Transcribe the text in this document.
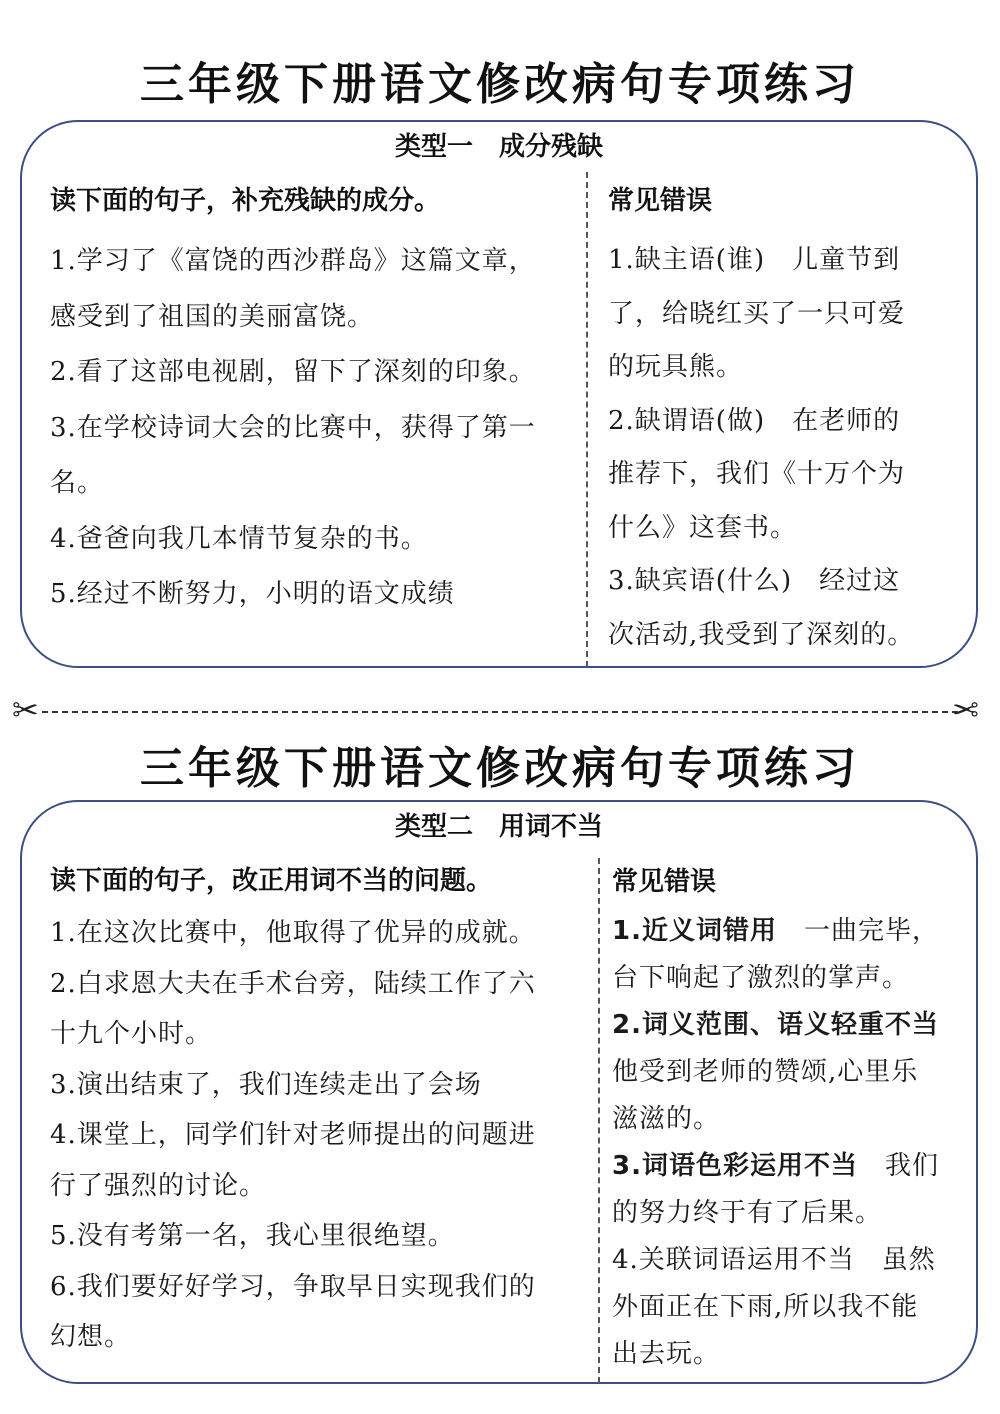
三年级下册语文修改病句专项练习
类型一　成分残缺
读下面的句子，补充残缺的成分。
1.学习了《富饶的西沙群岛》这篇文章，
感受到了祖国的美丽富饶。
2.看了这部电视剧，留下了深刻的印象。
3.在学校诗词大会的比赛中，获得了第一
名。
4.爸爸向我几本情节复杂的书。
5.经过不断努力，小明的语文成绩
常见错误
1.缺主语(谁)　儿童节到
了，给晓红买了一只可爱
的玩具熊。
2.缺谓语(做)　在老师的
推荐下，我们《十万个为
什么》这套书。
3.缺宾语(什么)　经过这
次活动,我受到了深刻的。
✂	✂
三年级下册语文修改病句专项练习
类型二　用词不当
读下面的句子，改正用词不当的问题。
1.在这次比赛中，他取得了优异的成就。
2.白求恩大夫在手术台旁，陆续工作了六
十九个小时。
3.演出结束了，我们连续走出了会场
4.课堂上，同学们针对老师提出的问题进
行了强烈的讨论。
5.没有考第一名，我心里很绝望。
6.我们要好好学习，争取早日实现我们的
幻想。
常见错误
1.近义词错用　一曲完毕，
台下响起了激烈的掌声。
2.词义范围、语义轻重不当
他受到老师的赞颂,心里乐
滋滋的。
3.词语色彩运用不当　我们
的努力终于有了后果。
4.关联词语运用不当　虽然
外面正在下雨,所以我不能
出去玩。
